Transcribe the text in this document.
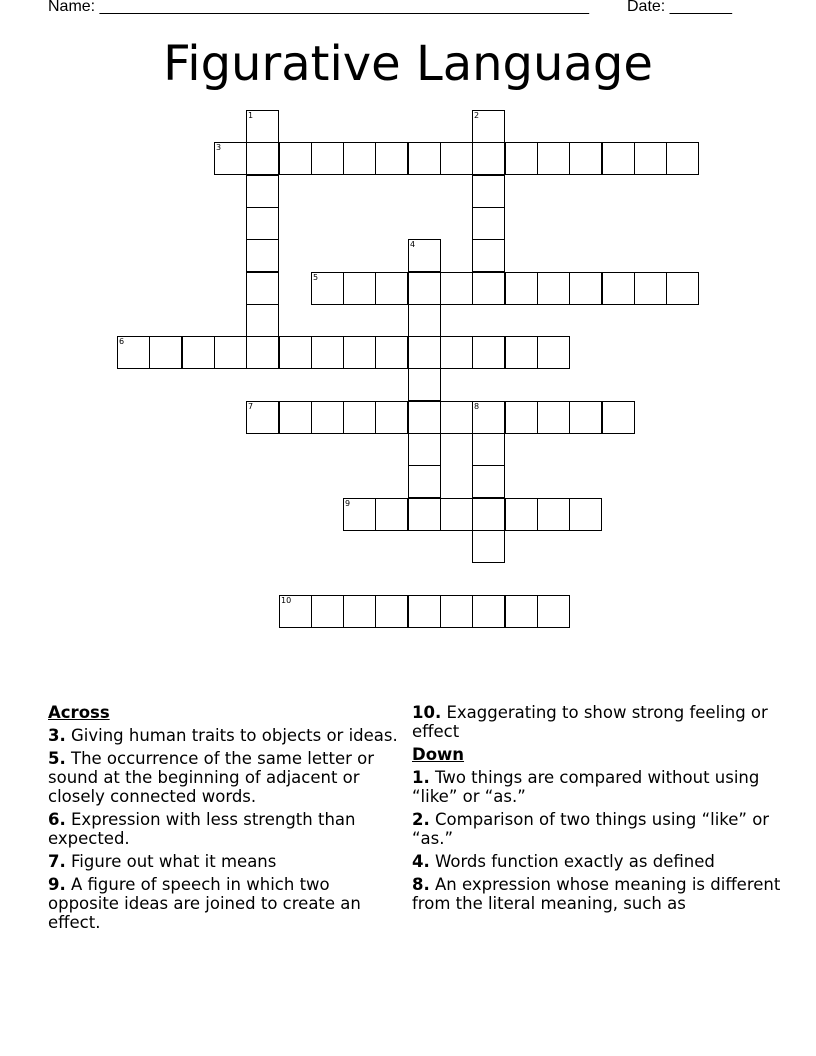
Name: _______________________________________________________ Date: _______
Figurative Language
1	2
3
4
5
6
7	8
9
10
Across
3. Giving human traits to objects or ideas.
5. The occurrence of the same letter or sound at the beginning of adjacent or closely connected words.
6. Expression with less strength than expected.
7. Figure out what it means
9. A figure of speech in which two opposite ideas are joined to create an effect.
10. Exaggerating to show strong feeling or effect
Down
1. Two things are compared without using “like” or “as.”
2. Comparison of two things using “like” or “as.”
4. Words function exactly as defined
8. An expression whose meaning is different from the literal meaning, such as
